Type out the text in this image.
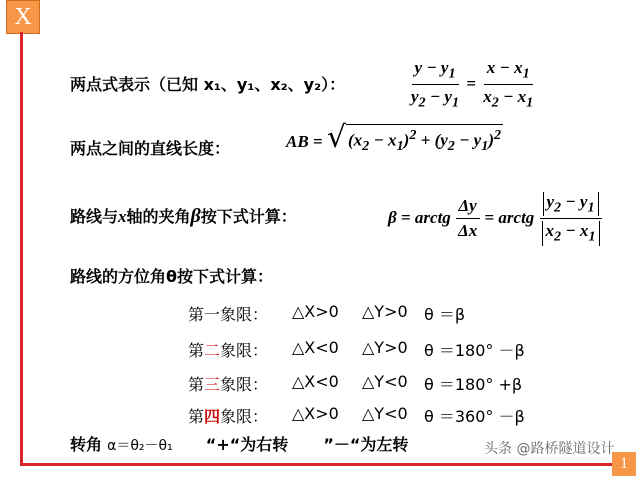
X
1
两点式表示（已知 x₁、y₁、x₂、y₂）：	$\frac{y - y_1}{y_2 - y_1} = \frac{x - x_1}{x_2 - x_1}$
两点之间的直线长度：	AB = √ $(x_2 - x_1)^2 + (y_2 - y_1)^2$
路线与x轴的夹角β按下式计算：	β = arctg $\frac{\Delta y}{\Delta x}$ = arctg $\frac{y_2 - y_1}{x_2 - x_1}$
路线的方位角θ按下式计算：
第一象限： △X>0 △Y>0 θ ＝β
第二象限： △X<0 △Y>0 θ ＝180° －β
第三象限： △X<0 △Y<0 θ ＝180° +β
第四象限： △X>0 △Y<0 θ ＝360° －β
转角 α＝θ₂－θ₁ “+“为右转 ”－“为左转	头条 @路桥隧道设计
